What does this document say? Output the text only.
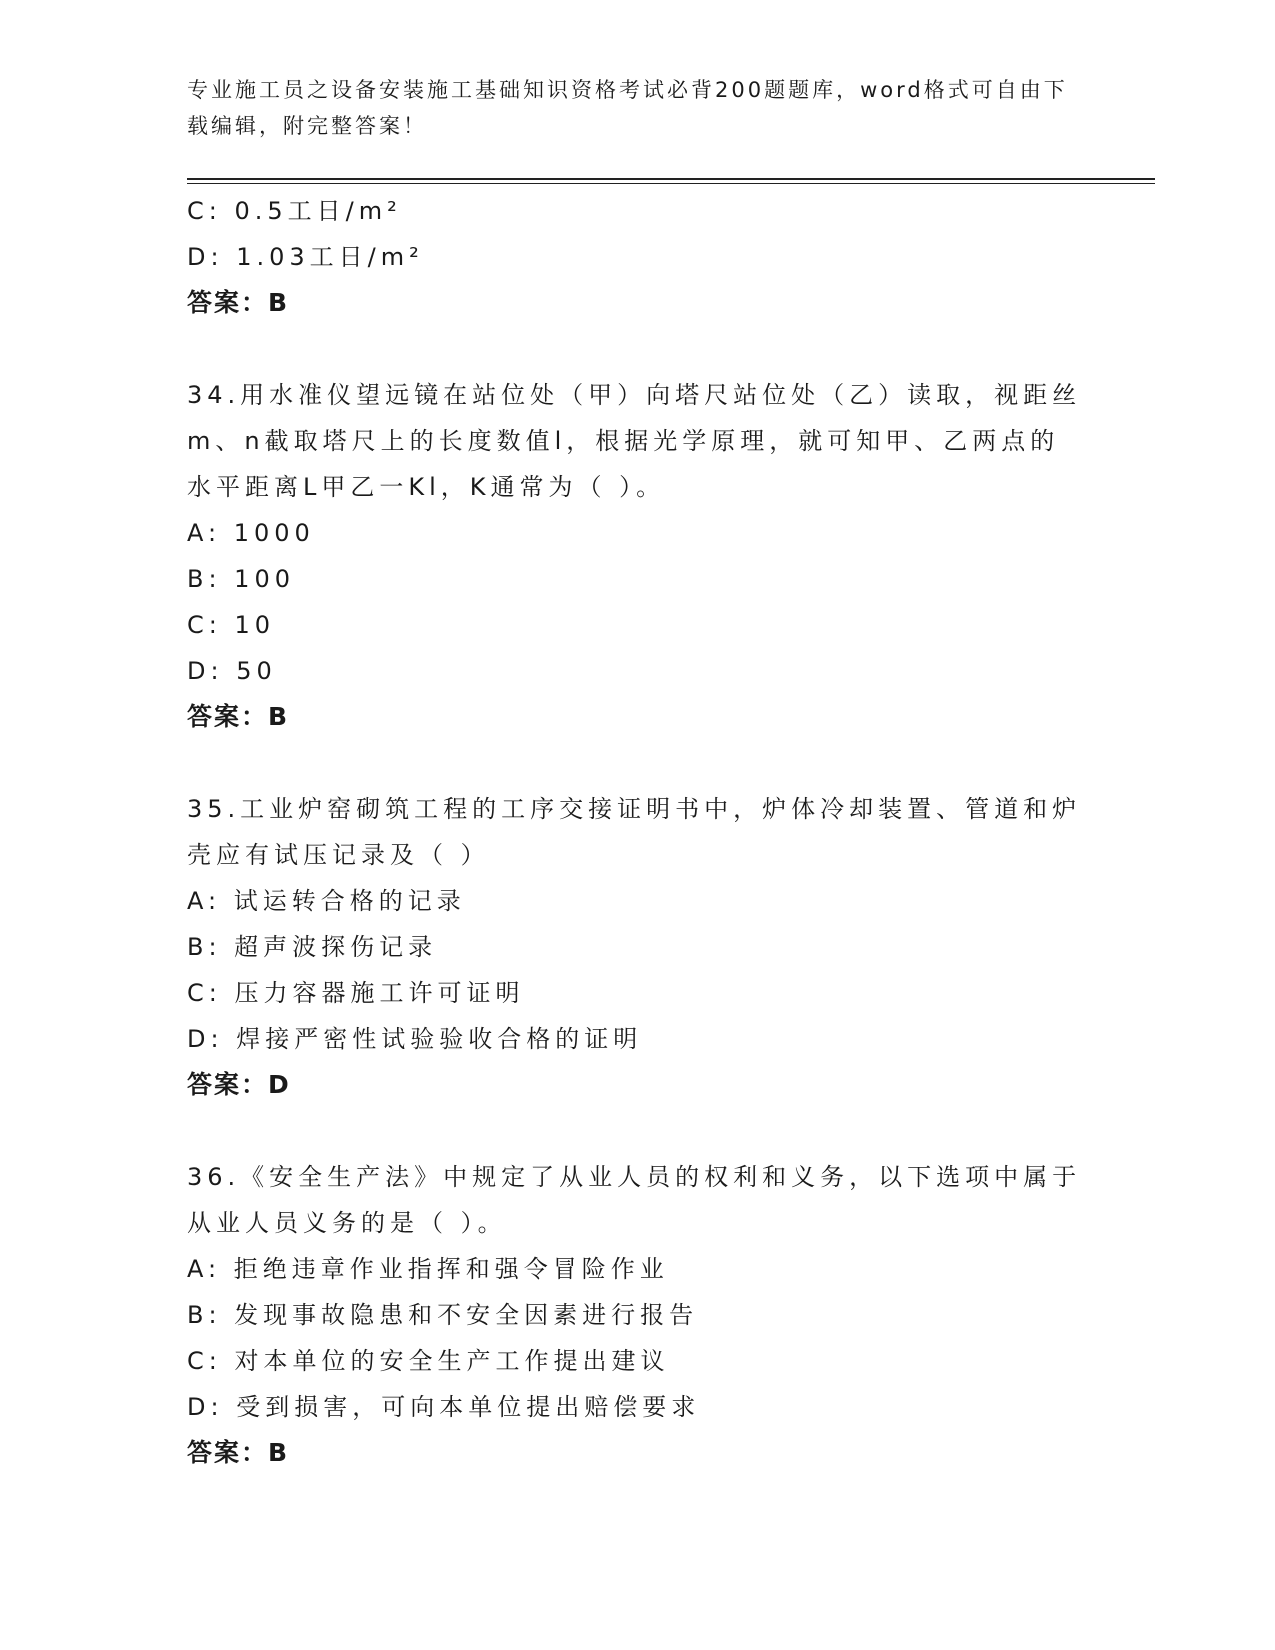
专业施工员之设备安装施工基础知识资格考试必背200题题库，word格式可自由下载编辑，附完整答案！
C: 0.5工日/m²
D: 1.03工日/m²
答案：B
34.用水准仪望远镜在站位处（甲）向塔尺站位处（乙）读取，视距丝
m、n截取塔尺上的长度数值l，根据光学原理，就可知甲、乙两点的
水平距离L甲乙一Kl，K通常为（ ）。
A: 1000
B: 100
C: 10
D: 50
答案：B
35.工业炉窑砌筑工程的工序交接证明书中，炉体冷却装置、管道和炉
壳应有试压记录及（ ）
A: 试运转合格的记录
B: 超声波探伤记录
C: 压力容器施工许可证明
D: 焊接严密性试验验收合格的证明
答案：D
36.《安全生产法》中规定了从业人员的权利和义务，以下选项中属于
从业人员义务的是（ ）。
A: 拒绝违章作业指挥和强令冒险作业
B: 发现事故隐患和不安全因素进行报告
C: 对本单位的安全生产工作提出建议
D: 受到损害，可向本单位提出赔偿要求
答案：B
